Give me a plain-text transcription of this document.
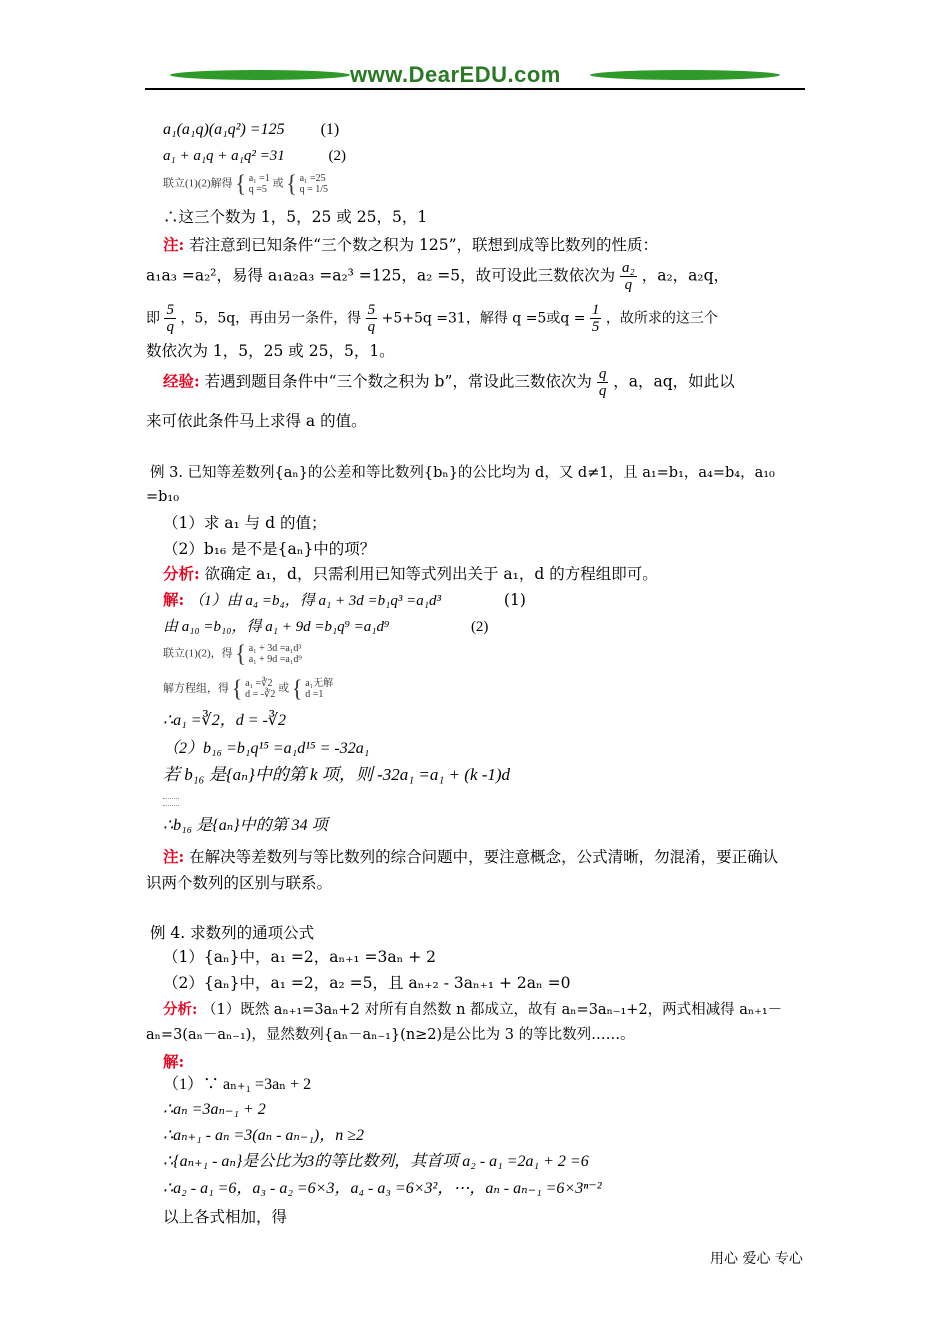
www.DearEDU.com
a₁(a₁q)(a₁q²) =125 (1)
a₁ + a₁q + a₁q² =31	(2)
联立(1)(2)解得 { a₁ =1
q =5 或 { a₁ =25
q = 1/5
∴这三个数为 1，5，25 或 25，5，1
注: 若注意到已知条件“三个数之积为 125”，联想到成等比数列的性质：
a₁a₃ =a₂²，易得 a₁a₂a₃ =a₂³ =125，a₂ =5，故可设此三数依次为 $\frac{\text{a₂}}{q}$ ，a₂，a₂q，
即 $\frac{5}{q}$ ，5，5q，再由另一条件，得 $\frac{5}{q} +5+5q =31$，解得 q =5或$q = \frac{1}{5}$ ，故所求的这三个
数依次为 1，5，25 或 25，5，1。
经验: 若遇到题目条件中“三个数之积为 b”，常设此三数依次为 $\frac{q}{q}$ ，a，aq，如此以
来可依此条件马上求得 a 的值。
例 3. 已知等差数列{aₙ}的公差和等比数列{bₙ}的公比均为 d，又 d≠1，且 a₁=b₁，a₄=b₄，a₁₀
=b₁₀
（1）求 a₁ 与 d 的值；
（2）b₁₆ 是不是{aₙ}中的项？
分析: 欲确定 a₁，d，只需利用已知等式列出关于 a₁，d 的方程组即可。
解: （1）由 a₄ =b₄，得 a₁ + 3d =b₁q³ =a₁d³	(1)
由 a₁₀ =b₁₀，得 a₁ + 9d =b₁q⁹ =a₁d⁹	(2)
联立(1)(2)，得 { a₁ + 3d =a₁d³
a₁ + 9d =a₁d⁹
解方程组，得 { a₁ =∛2
d = -∛2 或 { a₁无解
d =1
∴a₁ =∛2，d = -∛2
（2）b₁₆ =b₁q¹⁵ =a₁d¹⁵ = -32a₁
若 b₁₆ 是{aₙ}中的第 k 项，则 -32a₁ =a₁ + (k -1)d
∴b₁₆ 是{aₙ}中的第 34 项
注: 在解决等差数列与等比数列的综合问题中，要注意概念，公式清晰，勿混淆，要正确认
识两个数列的区别与联系。
例 4. 求数列的通项公式
（1）{aₙ}中，a₁ =2，aₙ₊₁ =3aₙ + 2
（2）{aₙ}中，a₁ =2，a₂ =5，且 aₙ₊₂ - 3aₙ₊₁ + 2aₙ =0
分析: （1）既然 aₙ₊₁=3aₙ+2 对所有自然数 n 都成立，故有 aₙ=3aₙ₋₁+2，两式相减得 aₙ₊₁－
aₙ=3(aₙ－aₙ₋₁)，显然数列{aₙ－aₙ₋₁}(n≥2)是公比为 3 的等比数列……。
解:
（1）∵ aₙ₊₁ =3aₙ + 2
∴aₙ =3aₙ₋₁ + 2
∴aₙ₊₁ - aₙ =3(aₙ - aₙ₋₁)，n ≥2
∴{aₙ₊₁ - aₙ}是公比为3的等比数列，其首项 a₂ - a₁ =2a₁ + 2 =6
∴a₂ - a₁ =6，a₃ - a₂ =6×3，a₄ - a₃ =6×3²，⋯，aₙ - aₙ₋₁ =6×3ⁿ⁻²
以上各式相加，得
用心 爱心 专心
